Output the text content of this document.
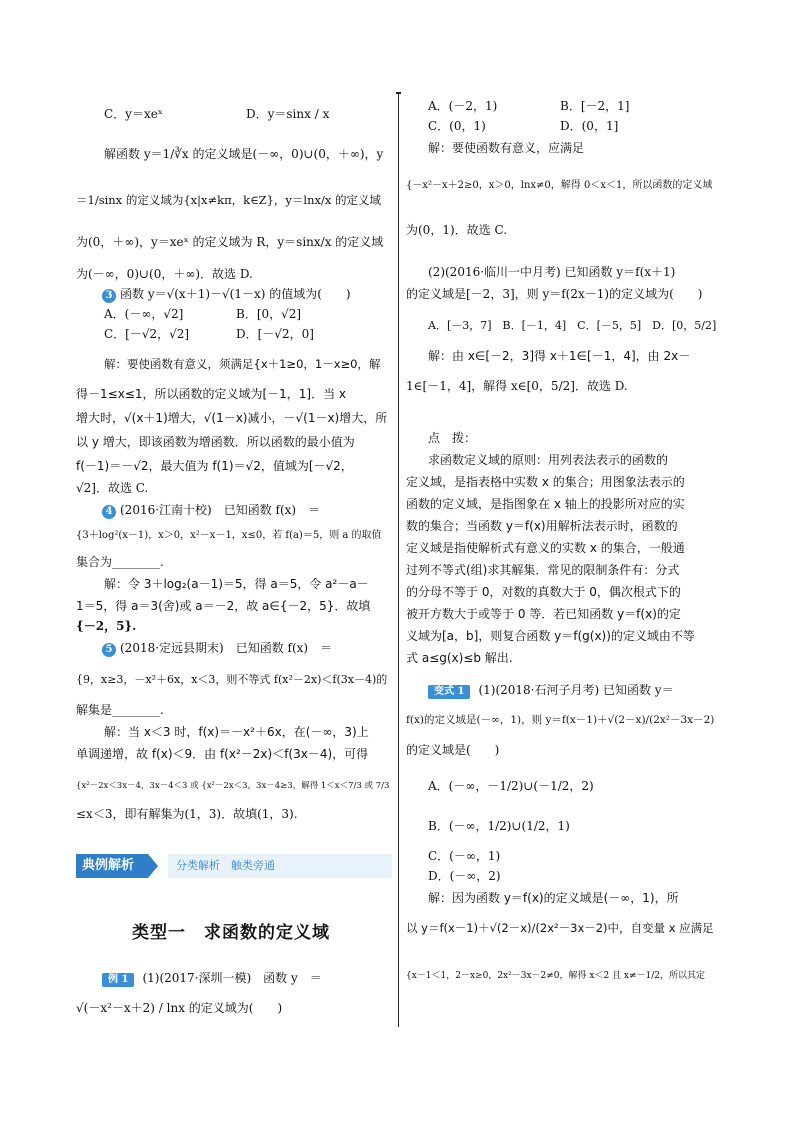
C．y＝xeˣ	D．y＝sinx / x
解函数 y＝1/∛x 的定义域是(－∞，0)∪(0，＋∞)，y
＝1/sinx 的定义域为{x|x≠kπ，k∈Z}，y＝lnx/x 的定义域
为(0，＋∞)，y＝xeˣ 的定义域为 R，y＝sinx/x 的定义域
为(－∞，0)∪(0，＋∞)．故选 D.
3 函数 y＝√(x＋1)－√(1－x) 的值域为(　　)
A．(－∞，√2]	B．[0，√2]
C．[－√2，√2]	D．[－√2，0]
解：要使函数有意义，须满足{x＋1≥0，1－x≥0，解
得－1≤x≤1，所以函数的定义域为[－1，1]．当 x
增大时，√(x＋1)增大，√(1－x)减小，－√(1－x)增大，所
以 y 增大，即该函数为增函数．所以函数的最小值为
f(－1)＝－√2，最大值为 f(1)＝√2，值域为[－√2，
√2]．故选 C.
4 (2016·江南十校)　已知函数 f(x)　＝
{3＋log²(x－1)，x＞0，x²－x－1，x≤0，若 f(a)＝5，则 a 的取值
集合为________.
解：令 3＋log₂(a－1)＝5，得 a＝5，令 a²－a－
1＝5，得 a＝3(舍)或 a＝－2，故 a∈{－2，5}．故填
{－2，5}.
5 (2018·定远县期末)　已知函数 f(x)　＝
{9，x≥3，－x²＋6x，x＜3，则不等式 f(x²－2x)＜f(3x－4)的
解集是________.
解：当 x＜3 时，f(x)＝－x²＋6x，在(－∞，3)上
单调递增，故 f(x)＜9．由 f(x²－2x)＜f(3x－4)，可得
{x²－2x＜3x－4，3x－4＜3 或 {x²－2x＜3，3x－4≥3，解得 1＜x＜7/3 或 7/3
≤x＜3，即有解集为(1，3)．故填(1，3).
典例解析	分类解析　触类旁通
类型一　求函数的定义域
例 1 (1)(2017·深圳一模)　函数 y　＝
√(－x²－x＋2) / lnx 的定义域为(　　)
A．(－2，1)	B．[－2，1]
C．(0，1)	D．(0，1]
解：要使函数有意义，应满足
{－x²－x＋2≥0，x＞0，lnx≠0，解得 0＜x＜1，所以函数的定义域
为(0，1)．故选 C.
(2)(2016·临川一中月考) 已知函数 y＝f(x＋1)
的定义域是[－2，3]，则 y＝f(2x－1)的定义域为(　　)
A．[－3，7]　B．[－1，4]　C．[－5，5]　D．[0，5/2]
解：由 x∈[－2，3]得 x＋1∈[－1，4]，由 2x－
1∈[－1，4]，解得 x∈[0，5/2]．故选 D.
点　拨：
求函数定义域的原则：用列表法表示的函数的
定义域，是指表格中实数 x 的集合；用图象法表示的
函数的定义域，是指图象在 x 轴上的投影所对应的实
数的集合；当函数 y＝f(x)用解析法表示时，函数的
定义域是指使解析式有意义的实数 x 的集合，一般通
过列不等式(组)求其解集．常见的限制条件有：分式
的分母不等于 0，对数的真数大于 0，偶次根式下的
被开方数大于或等于 0 等．若已知函数 y＝f(x)的定
义域为[a，b]，则复合函数 y＝f(g(x))的定义域由不等
式 a≤g(x)≤b 解出.
变式 1 (1)(2018·石河子月考) 已知函数 y＝
f(x)的定义域是(－∞，1)，则 y＝f(x－1)＋√(2－x)/(2x²－3x－2)
的定义域是(　　)
A．(－∞，－1/2)∪(－1/2，2)
B．(－∞，1/2)∪(1/2，1)
C．(－∞，1)
D．(－∞，2)
解：因为函数 y＝f(x)的定义域是(－∞，1)，所
以 y＝f(x－1)＋√(2－x)/(2x²－3x－2)中，自变量 x 应满足
{x－1＜1，2－x≥0，2x²－3x－2≠0，解得 x＜2 且 x≠－1/2，所以其定
